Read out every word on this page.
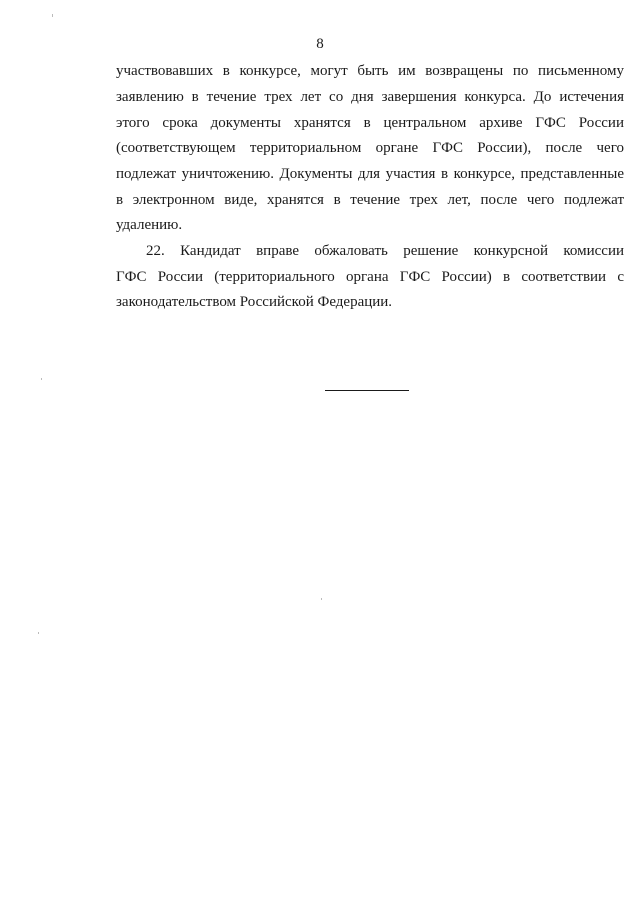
8
участвовавших в конкурсе, могут быть им возвращены по письменному
заявлению в течение трех лет со дня завершения конкурса. До истечения
этого срока документы хранятся в центральном архиве ГФС России
(соответствующем территориальном органе ГФС России), после чего
подлежат уничтожению. Документы для участия в конкурсе, представленные
в электронном виде, хранятся в течение трех лет, после чего подлежат
удалению.
22. Кандидат вправе обжаловать решение конкурсной комиссии
ГФС России (территориального органа ГФС России) в соответствии с
законодательством Российской Федерации.
